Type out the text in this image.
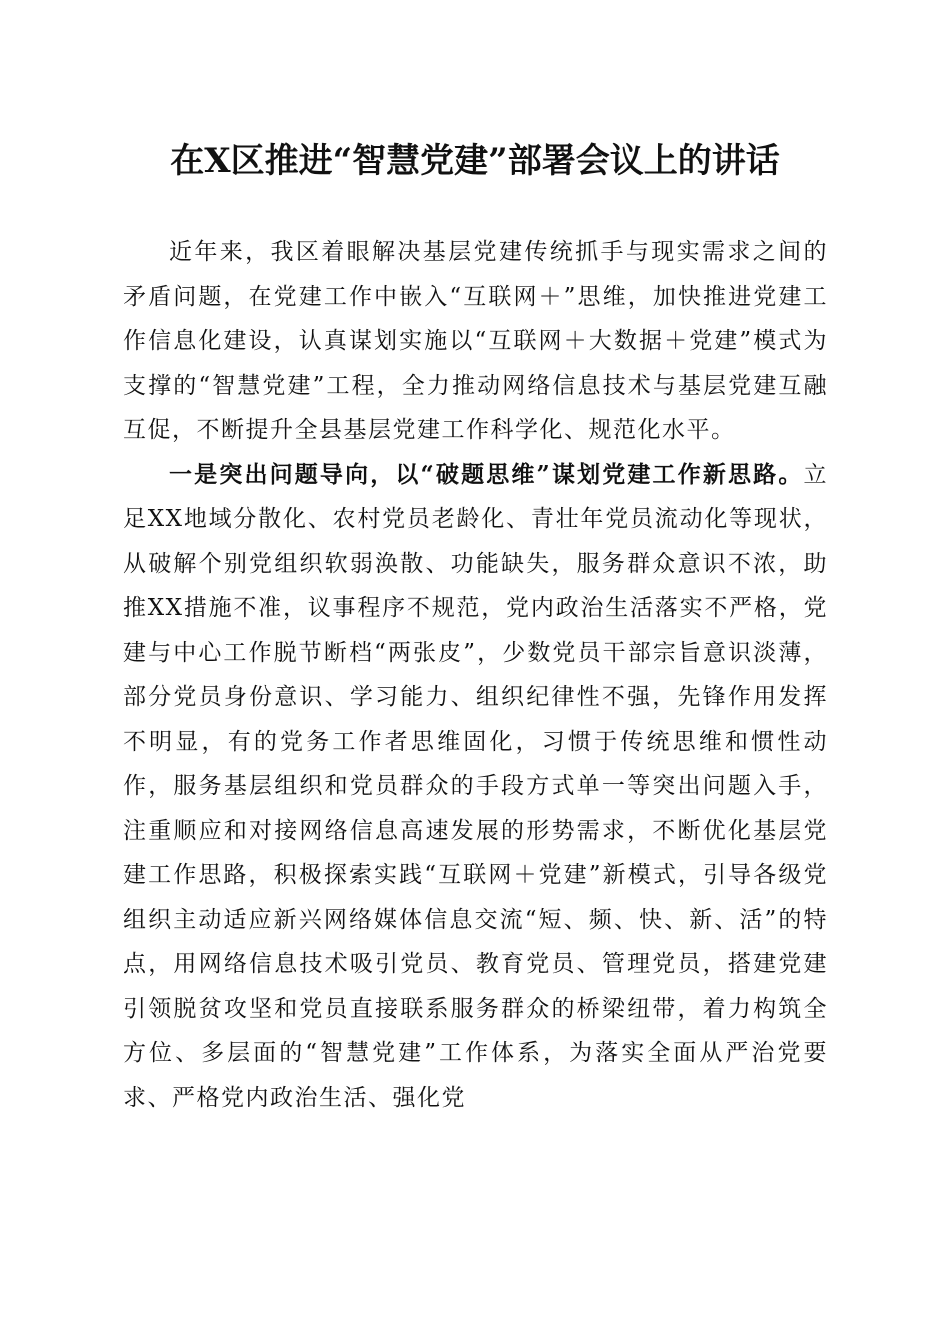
在X区推进“智慧党建”部署会议上的讲话

近年来，我区着眼解决基层党建传统抓手与现实需求之间的矛盾问题，在党建工作中嵌入“互联网＋”思维，加快推进党建工作信息化建设，认真谋划实施以“互联网＋大数据＋党建”模式为支撑的“智慧党建”工程，全力推动网络信息技术与基层党建互融互促，不断提升全县基层党建工作科学化、规范化水平。

一是突出问题导向，以“破题思维”谋划党建工作新思路。立足XX地域分散化、农村党员老龄化、青壮年党员流动化等现状，从破解个别党组织软弱涣散、功能缺失，服务群众意识不浓，助推XX措施不准，议事程序不规范，党内政治生活落实不严格，党建与中心工作脱节断档“两张皮”，少数党员干部宗旨意识淡薄，部分党员身份意识、学习能力、组织纪律性不强，先锋作用发挥不明显，有的党务工作者思维固化，习惯于传统思维和惯性动作，服务基层组织和党员群众的手段方式单一等突出问题入手，注重顺应和对接网络信息高速发展的形势需求，不断优化基层党建工作思路，积极探索实践“互联网＋党建”新模式，引导各级党组织主动适应新兴网络媒体信息交流“短、频、快、新、活”的特点，用网络信息技术吸引党员、教育党员、管理党员，搭建党建引领脱贫攻坚和党员直接联系服务群众的桥梁纽带，着力构筑全方位、多层面的“智慧党建”工作体系，为落实全面从严治党要求、严格党内政治生活、强化党
